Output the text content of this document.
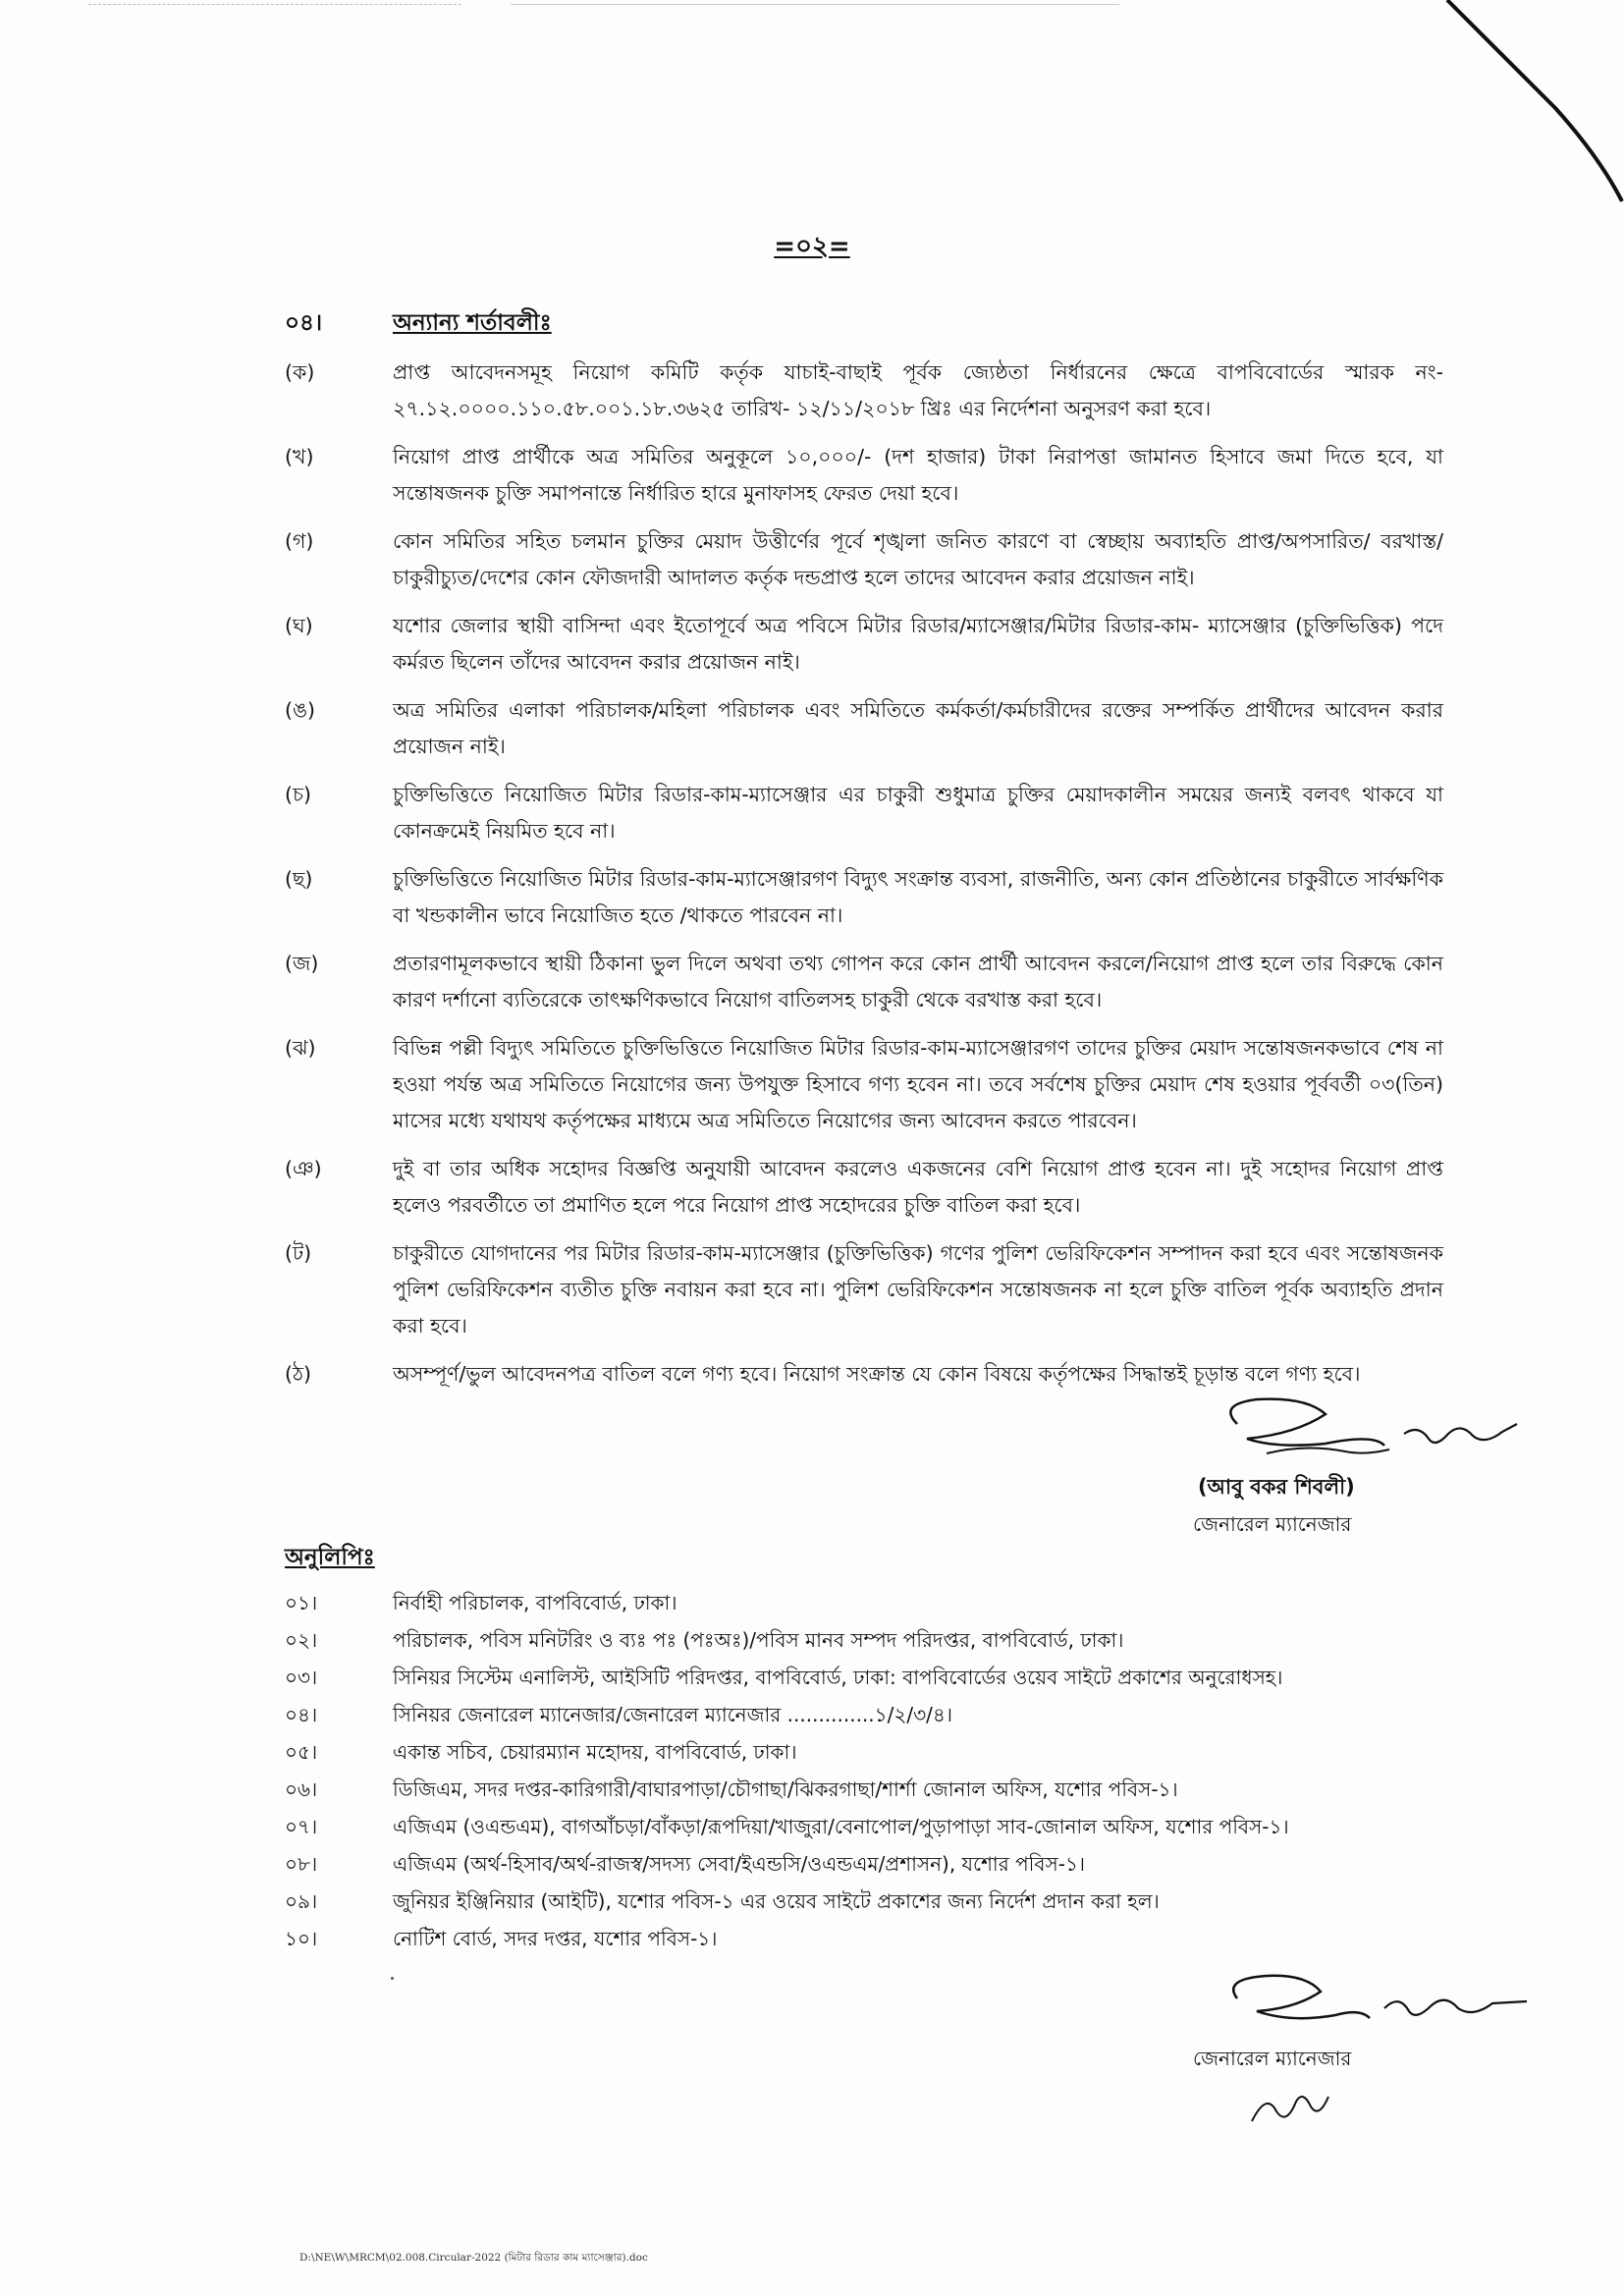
=০২=
০৪।	অন্যান্য শর্তাবলীঃ
(ক)	প্রাপ্ত আবেদনসমূহ নিয়োগ কমিটি কর্তৃক যাচাই-বাছাই পূর্বক জ্যেষ্ঠতা নির্ধারনের ক্ষেত্রে বাপবিবোর্ডের স্মারক নং- ২৭.১২.০০০০.১১০.৫৮.০০১.১৮.৩৬২৫ তারিখ- ১২/১১/২০১৮ খ্রিঃ এর নির্দেশনা অনুসরণ করা হবে।
(খ)	নিয়োগ প্রাপ্ত প্রার্থীকে অত্র সমিতির অনুকূলে ১০,০০০/- (দশ হাজার) টাকা নিরাপত্তা জামানত হিসাবে জমা দিতে হবে, যা সন্তোষজনক চুক্তি সমাপনান্তে নির্ধারিত হারে মুনাফাসহ ফেরত দেয়া হবে।
(গ)	কোন সমিতির সহিত চলমান চুক্তির মেয়াদ উত্তীর্ণের পূর্বে শৃঙ্খলা জনিত কারণে বা স্বেচ্ছায় অব্যাহতি প্রাপ্ত/অপসারিত/ বরখাস্ত/চাকুরীচ্যুত/দেশের কোন ফৌজদারী আদালত কর্তৃক দন্ডপ্রাপ্ত হলে তাদের আবেদন করার প্রয়োজন নাই।
(ঘ)	যশোর জেলার স্থায়ী বাসিন্দা এবং ইতোপূর্বে অত্র পবিসে মিটার রিডার/ম্যাসেঞ্জার/মিটার রিডার-কাম- ম্যাসেঞ্জার (চুক্তিভিত্তিক) পদে কর্মরত ছিলেন তাঁদের আবেদন করার প্রয়োজন নাই।
(ঙ)	অত্র সমিতির এলাকা পরিচালক/মহিলা পরিচালক এবং সমিতিতে কর্মকর্তা/কর্মচারীদের রক্তের সম্পর্কিত প্রার্থীদের আবেদন করার প্রয়োজন নাই।
(চ)	চুক্তিভিত্তিতে নিয়োজিত মিটার রিডার-কাম-ম্যাসেঞ্জার এর চাকুরী শুধুমাত্র চুক্তির মেয়াদকালীন সময়ের জন্যই বলবৎ থাকবে যা কোনক্রমেই নিয়মিত হবে না।
(ছ)	চুক্তিভিত্তিতে নিয়োজিত মিটার রিডার-কাম-ম্যাসেঞ্জারগণ বিদ্যুৎ সংক্রান্ত ব্যবসা, রাজনীতি, অন্য কোন প্রতিষ্ঠানের চাকুরীতে সার্বক্ষণিক বা খন্ডকালীন ভাবে নিয়োজিত হতে /থাকতে পারবেন না।
(জ)	প্রতারণামূলকভাবে স্থায়ী ঠিকানা ভুল দিলে অথবা তথ্য গোপন করে কোন প্রার্থী আবেদন করলে/নিয়োগ প্রাপ্ত হলে তার বিরুদ্ধে কোন কারণ দর্শানো ব্যতিরেকে তাৎক্ষণিকভাবে নিয়োগ বাতিলসহ চাকুরী থেকে বরখাস্ত করা হবে।
(ঝ)	বিভিন্ন পল্লী বিদ্যুৎ সমিতিতে চুক্তিভিত্তিতে নিয়োজিত মিটার রিডার-কাম-ম্যাসেঞ্জারগণ তাদের চুক্তির মেয়াদ সন্তোষজনকভাবে শেষ না হওয়া পর্যন্ত অত্র সমিতিতে নিয়োগের জন্য উপযুক্ত হিসাবে গণ্য হবেন না। তবে সর্বশেষ চুক্তির মেয়াদ শেষ হওয়ার পূর্ববর্তী ০৩(তিন) মাসের মধ্যে যথাযথ কর্তৃপক্ষের মাধ্যমে অত্র সমিতিতে নিয়োগের জন্য আবেদন করতে পারবেন।
(ঞ)	দুই বা তার অধিক সহোদর বিজ্ঞপ্তি অনুযায়ী আবেদন করলেও একজনের বেশি নিয়োগ প্রাপ্ত হবেন না। দুই সহোদর নিয়োগ প্রাপ্ত হলেও পরবর্তীতে তা প্রমাণিত হলে পরে নিয়োগ প্রাপ্ত সহোদরের চুক্তি বাতিল করা হবে।
(ট)	চাকুরীতে যোগদানের পর মিটার রিডার-কাম-ম্যাসেঞ্জার (চুক্তিভিত্তিক) গণের পুলিশ ভেরিফিকেশন সম্পাদন করা হবে এবং সন্তোষজনক পুলিশ ভেরিফিকেশন ব্যতীত চুক্তি নবায়ন করা হবে না। পুলিশ ভেরিফিকেশন সন্তোষজনক না হলে চুক্তি বাতিল পূর্বক অব্যাহতি প্রদান করা হবে।
(ঠ)	অসম্পূর্ণ/ভুল আবেদনপত্র বাতিল বলে গণ্য হবে। নিয়োগ সংক্রান্ত যে কোন বিষয়ে কর্তৃপক্ষের সিদ্ধান্তই চূড়ান্ত বলে গণ্য হবে।
(আবু বকর শিবলী)
জেনারেল ম্যানেজার
অনুলিপিঃ
০১।	নির্বাহী পরিচালক, বাপবিবোর্ড, ঢাকা।
০২।	পরিচালক, পবিস মনিটরিং ও ব্যঃ পঃ (পঃঅঃ)/পবিস মানব সম্পদ পরিদপ্তর, বাপবিবোর্ড, ঢাকা।
০৩।	সিনিয়র সিস্টেম এনালিস্ট, আইসিটি পরিদপ্তর, বাপবিবোর্ড, ঢাকা: বাপবিবোর্ডের ওয়েব সাইটে প্রকাশের অনুরোধসহ।
০৪।	সিনিয়র জেনারেল ম্যানেজার/জেনারেল ম্যানেজার ..............১/২/৩/৪।
০৫।	একান্ত সচিব, চেয়ারম্যান মহোদয়, বাপবিবোর্ড, ঢাকা।
০৬।	ডিজিএম, সদর দপ্তর-কারিগারী/বাঘারপাড়া/চৌগাছা/ঝিকরগাছা/শার্শা জোনাল অফিস, যশোর পবিস-১।
০৭।	এজিএম (ওএন্ডএম), বাগআঁচড়া/বাঁকড়া/রূপদিয়া/খাজুরা/বেনাপোল/পুড়াপাড়া সাব-জোনাল অফিস, যশোর পবিস-১।
০৮।	এজিএম (অর্থ-হিসাব/অর্থ-রাজস্ব/সদস্য সেবা/ইএন্ডসি/ওএন্ডএম/প্রশাসন), যশোর পবিস-১।
০৯।	জুনিয়র ইঞ্জিনিয়ার (আইটি), যশোর পবিস-১ এর ওয়েব সাইটে প্রকাশের জন্য নির্দেশ প্রদান করা হল।
১০।	নোটিশ বোর্ড, সদর দপ্তর, যশোর পবিস-১।
জেনারেল ম্যানেজার
D:\NE\W\MRCM\02.008.Circular-2022 (মিটার রিডার কাম ম্যাসেঞ্জার).doc
